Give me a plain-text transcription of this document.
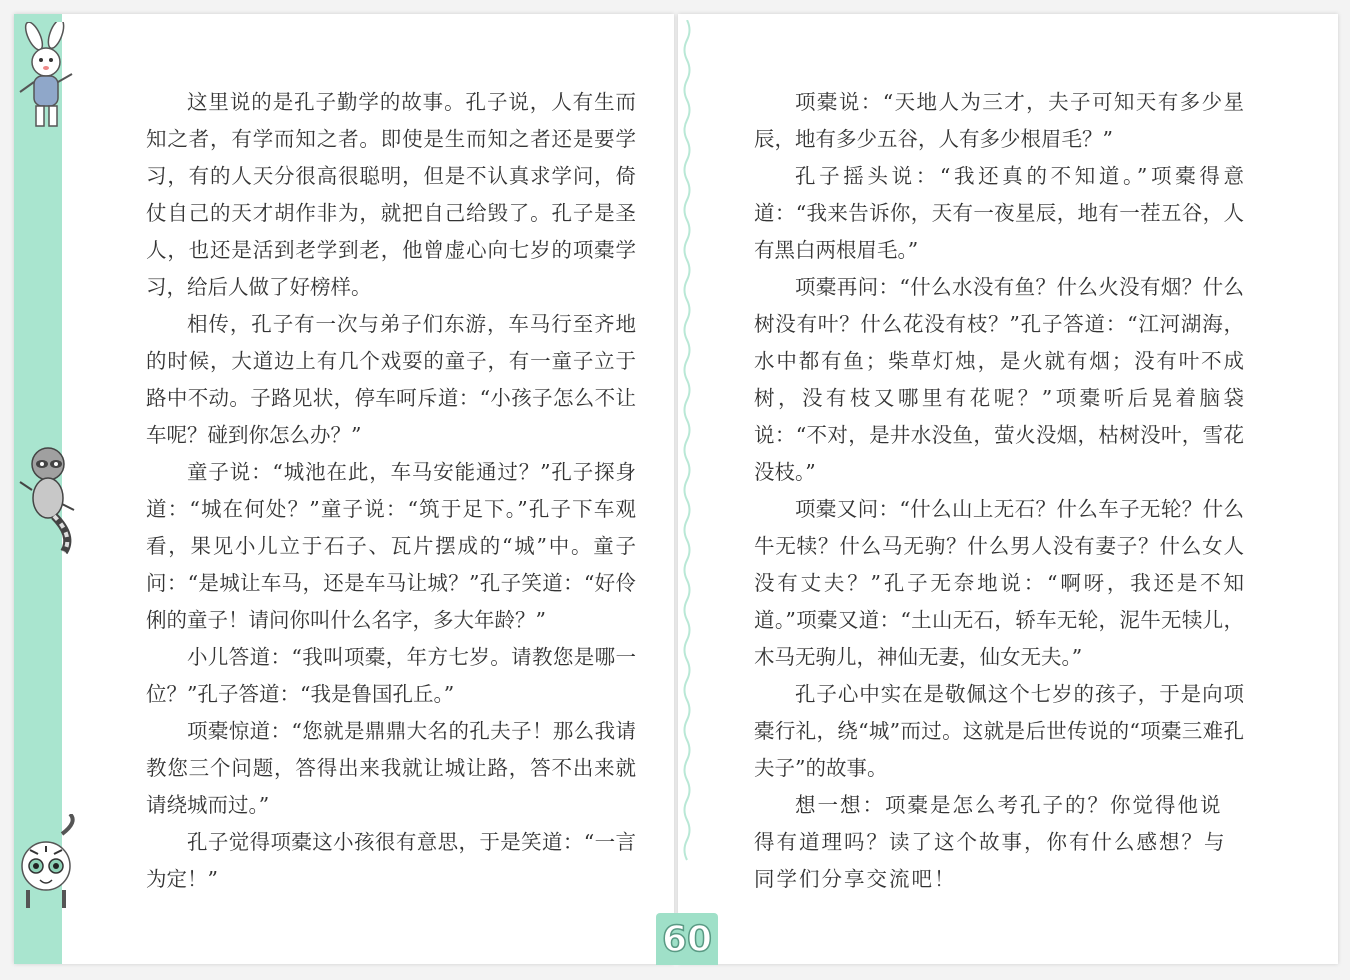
这里说的是孔子勤学的故事。孔子说，人有生而知之者，有学而知之者。即使是生而知之者还是要学习，有的人天分很高很聪明，但是不认真求学问，倚仗自己的天才胡作非为，就把自己给毁了。孔子是圣人，也还是活到老学到老，他曾虚心向七岁的项橐学习，给后人做了好榜样。

相传，孔子有一次与弟子们东游，车马行至齐地的时候，大道边上有几个戏耍的童子，有一童子立于路中不动。子路见状，停车呵斥道：“小孩子怎么不让车呢？碰到你怎么办？”

童子说：“城池在此，车马安能通过？”孔子探身道：“城在何处？”童子说：“筑于足下。”孔子下车观看，果见小儿立于石子、瓦片摆成的“城”中。童子问：“是城让车马，还是车马让城？”孔子笑道：“好伶俐的童子！请问你叫什么名字，多大年龄？”

小儿答道：“我叫项橐，年方七岁。请教您是哪一位？”孔子答道：“我是鲁国孔丘。”

项橐惊道：“您就是鼎鼎大名的孔夫子！那么我请教您三个问题，答得出来我就让城让路，答不出来就请绕城而过。”

孔子觉得项橐这小孩很有意思，于是笑道：“一言为定！”

项橐说：“天地人为三才，夫子可知天有多少星辰，地有多少五谷，人有多少根眉毛？”

孔子摇头说：“我还真的不知道。”项橐得意道：“我来告诉你，天有一夜星辰，地有一茬五谷，人有黑白两根眉毛。”

项橐再问：“什么水没有鱼？什么火没有烟？什么树没有叶？什么花没有枝？”孔子答道：“江河湖海，水中都有鱼；柴草灯烛，是火就有烟；没有叶不成树，没有枝又哪里有花呢？”项橐听后晃着脑袋说：“不对，是井水没鱼，萤火没烟，枯树没叶，雪花没枝。”

项橐又问：“什么山上无石？什么车子无轮？什么牛无犊？什么马无驹？什么男人没有妻子？什么女人没有丈夫？”孔子无奈地说：“啊呀，我还是不知道。”项橐又道：“土山无石，轿车无轮，泥牛无犊儿，木马无驹儿，神仙无妻，仙女无夫。”

孔子心中实在是敬佩这个七岁的孩子，于是向项橐行礼，绕“城”而过。这就是后世传说的“项橐三难孔夫子”的故事。

想一想：项橐是怎么考孔子的？你觉得他说得有道理吗？读了这个故事，你有什么感想？与同学们分享交流吧！
60
